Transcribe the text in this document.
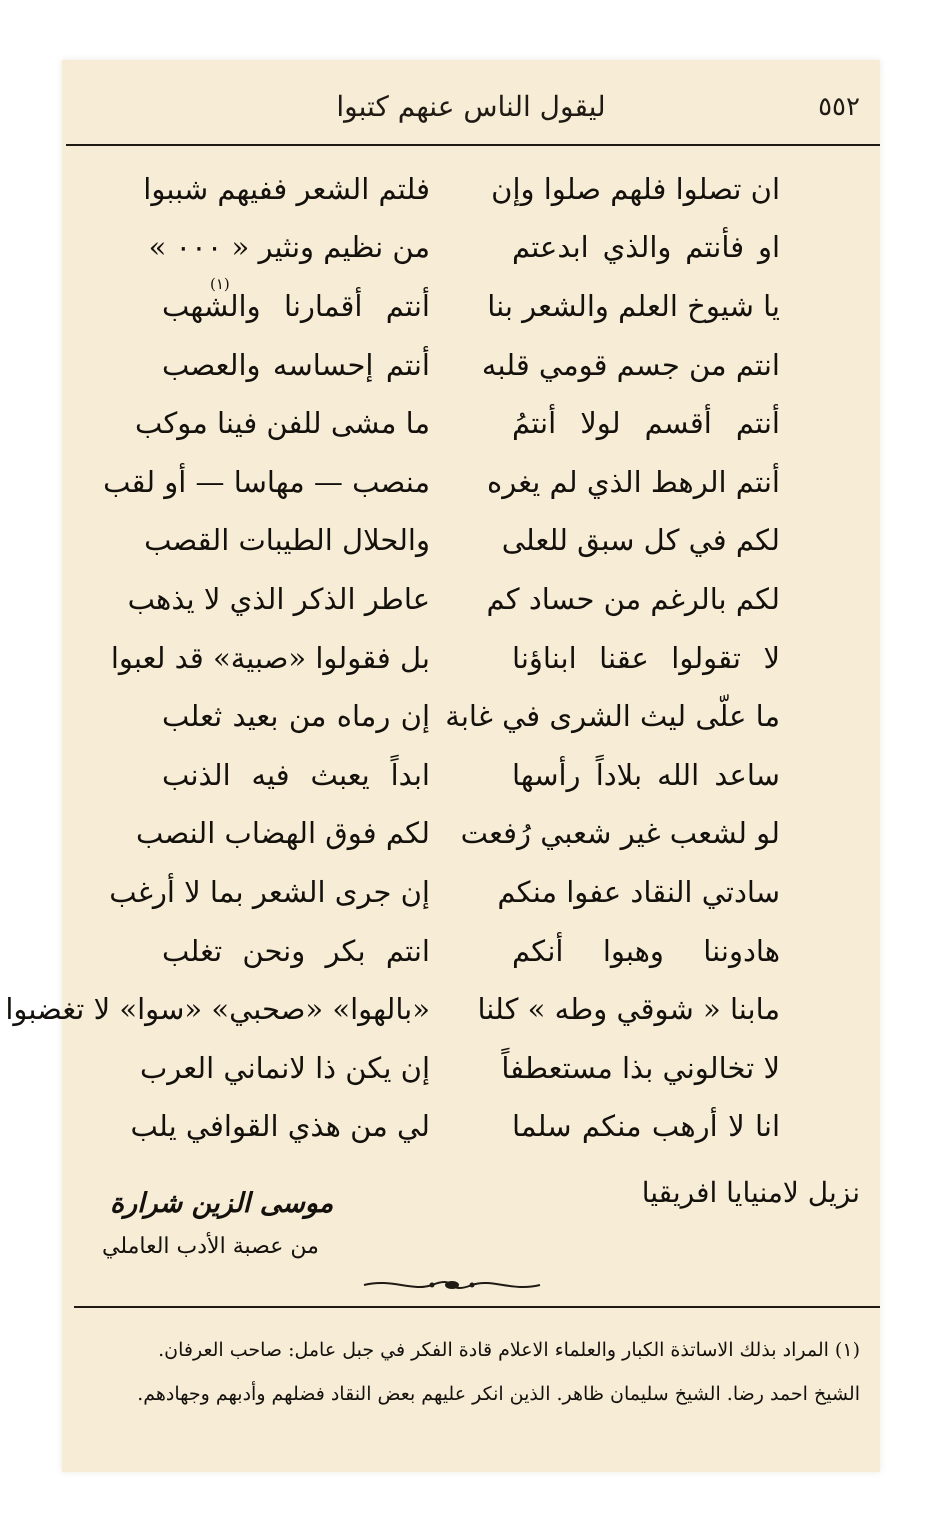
٥٥٢
ليقول الناس عنهم كتبوا
ان تصلوا فلهم صلوا وإن
فلتم الشعر ففيهم شببوا
او فأنتم والذي ابدعتم
من نظيم ونثير « ٠٠٠ »
يا شيوخ العلم والشعر بنا
أنتم أقمارنا والشهب
(١)
انتم من جسم قومي قلبه
أنتم إحساسه والعصب
أنتم أقسم لولا أنتمُ
ما مشى للفن فينا موكب
أنتم الرهط الذي لم يغره
منصب — مهاسا — أو لقب
لكم في كل سبق للعلى
والحلال الطيبات القصب
لكم بالرغم من حساد كم
عاطر الذكر الذي لا يذهب
لا تقولوا عقنا ابناؤنا
بل فقولوا «صبية» قد لعبوا
ما علّى ليث الشرى في غابة
إن رماه من بعيد ثعلب
ساعد الله بلاداً رأسها
ابداً يعبث فيه الذنب
لو لشعب غير شعبي رُفعت
لكم فوق الهضاب النصب
سادتي النقاد عفوا منكم
إن جرى الشعر بما لا أرغب
هادوننا وهبوا أنكم
انتم بكر ونحن تغلب
مابنا « شوقي وطه » كلنا
«بالهوا» «صحبي» «سوا» لا تغضبوا
لا تخالوني بذا مستعطفاً
إن يكن ذا لانماني العرب
انا لا أرهب منكم سلما
لي من هذي القوافي يلب
نزيل لامنيايا افريقيا
موسى الزين شرارة
من عصبة الأدب العاملي
(١) المراد بذلك الاساتذة الكبار والعلماء الاعلام قادة الفكر في جبل عامل: صاحب العرفان.
الشيخ احمد رضا. الشيخ سليمان ظاهر. الذين انكر عليهم بعض النقاد فضلهم وأدبهم وجهادهم.
